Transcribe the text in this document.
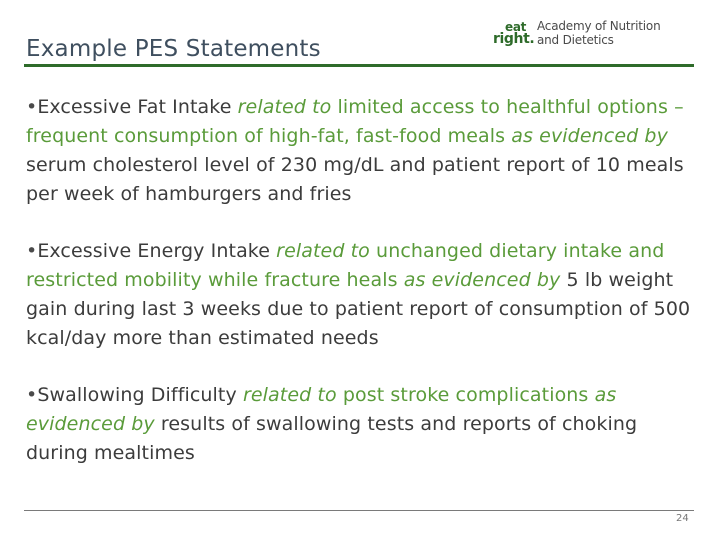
Example PES Statements
eat
right.
Academy of Nutrition
and Dietetics

•Excessive Fat Intake related to limited access to healthful options – frequent consumption of high-fat, fast-food meals as evidenced by serum cholesterol level of 230 mg/dL and patient report of 10 meals per week of hamburgers and fries

•Excessive Energy Intake related to unchanged dietary intake and restricted mobility while fracture heals as evidenced by 5 lb weight gain during last 3 weeks due to patient report of consumption of 500 kcal/day more than estimated needs

•Swallowing Difficulty related to post stroke complications as evidenced by results of swallowing tests and reports of choking during mealtimes

24
